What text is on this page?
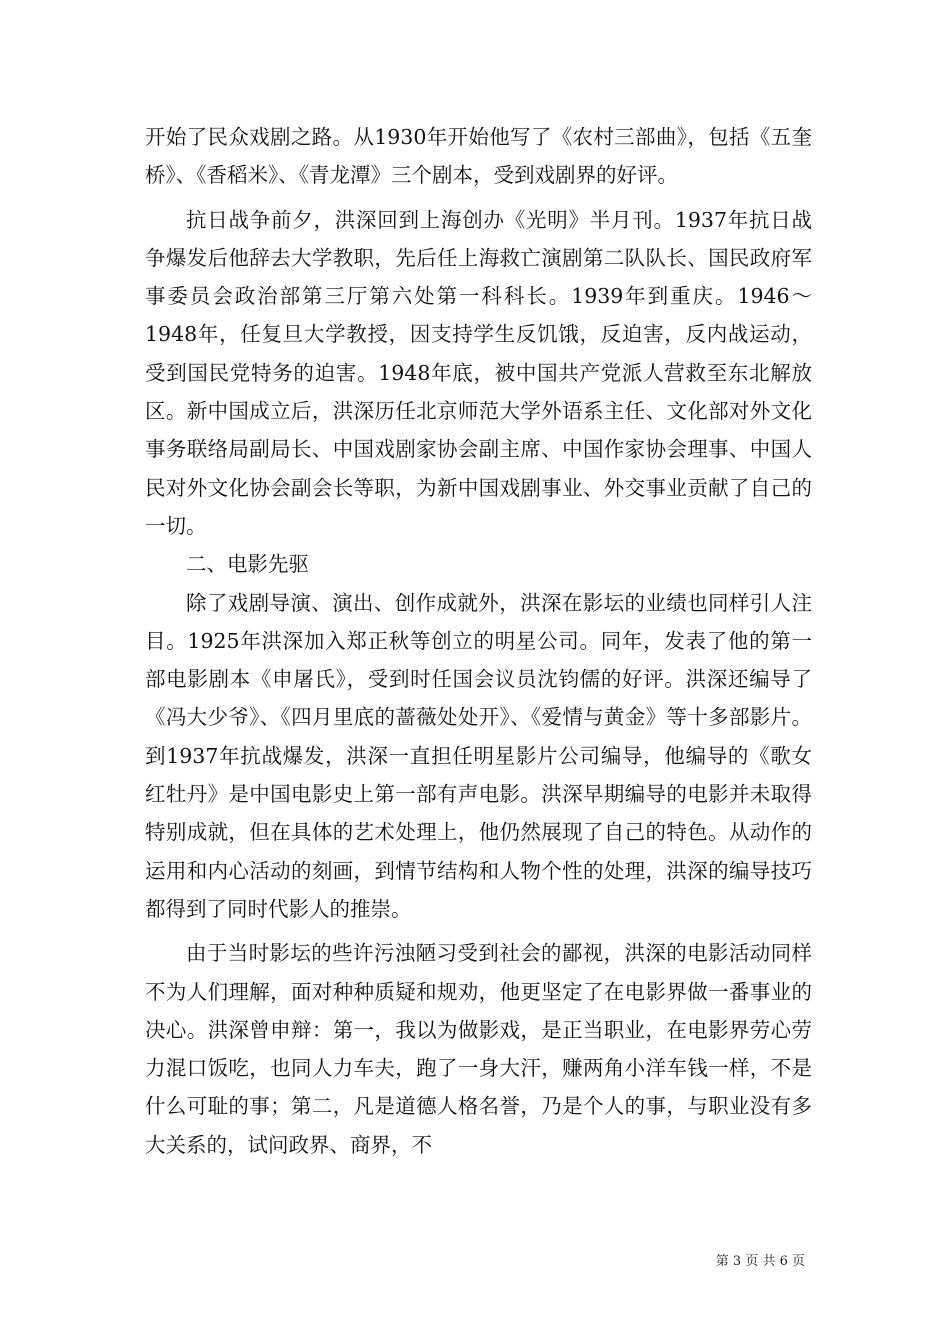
开始了民众戏剧之路。从1930年开始他写了《农村三部曲》，包括《五奎桥》、《香稻米》、《青龙潭》三个剧本，受到戏剧界的好评。

抗日战争前夕，洪深回到上海创办《光明》半月刊。1937年抗日战争爆发后他辞去大学教职，先后任上海救亡演剧第二队队长、国民政府军事委员会政治部第三厅第六处第一科科长。1939年到重庆。1946～1948年，任复旦大学教授，因支持学生反饥饿，反迫害，反内战运动，受到国民党特务的迫害。1948年底，被中国共产党派人营救至东北解放区。新中国成立后，洪深历任北京师范大学外语系主任、文化部对外文化事务联络局副局长、中国戏剧家协会副主席、中国作家协会理事、中国人民对外文化协会副会长等职，为新中国戏剧事业、外交事业贡献了自己的一切。

二、电影先驱

除了戏剧导演、演出、创作成就外，洪深在影坛的业绩也同样引人注目。1925年洪深加入郑正秋等创立的明星公司。同年，发表了他的第一部电影剧本《申屠氏》，受到时任国会议员沈钧儒的好评。洪深还编导了《冯大少爷》、《四月里底的蔷薇处处开》、《爱情与黄金》等十多部影片。到1937年抗战爆发，洪深一直担任明星影片公司编导，他编导的《歌女红牡丹》是中国电影史上第一部有声电影。洪深早期编导的电影并未取得特别成就，但在具体的艺术处理上，他仍然展现了自己的特色。从动作的运用和内心活动的刻画，到情节结构和人物个性的处理，洪深的编导技巧都得到了同时代影人的推崇。

由于当时影坛的些许污浊陋习受到社会的鄙视，洪深的电影活动同样不为人们理解，面对种种质疑和规劝，他更坚定了在电影界做一番事业的决心。洪深曾申辩：第一，我以为做影戏，是正当职业，在电影界劳心劳力混口饭吃，也同人力车夫，跑了一身大汗，赚两角小洋车钱一样，不是什么可耻的事；第二，凡是道德人格名誉，乃是个人的事，与职业没有多大关系的，试问政界、商界，不

第 3 页 共 6 页
